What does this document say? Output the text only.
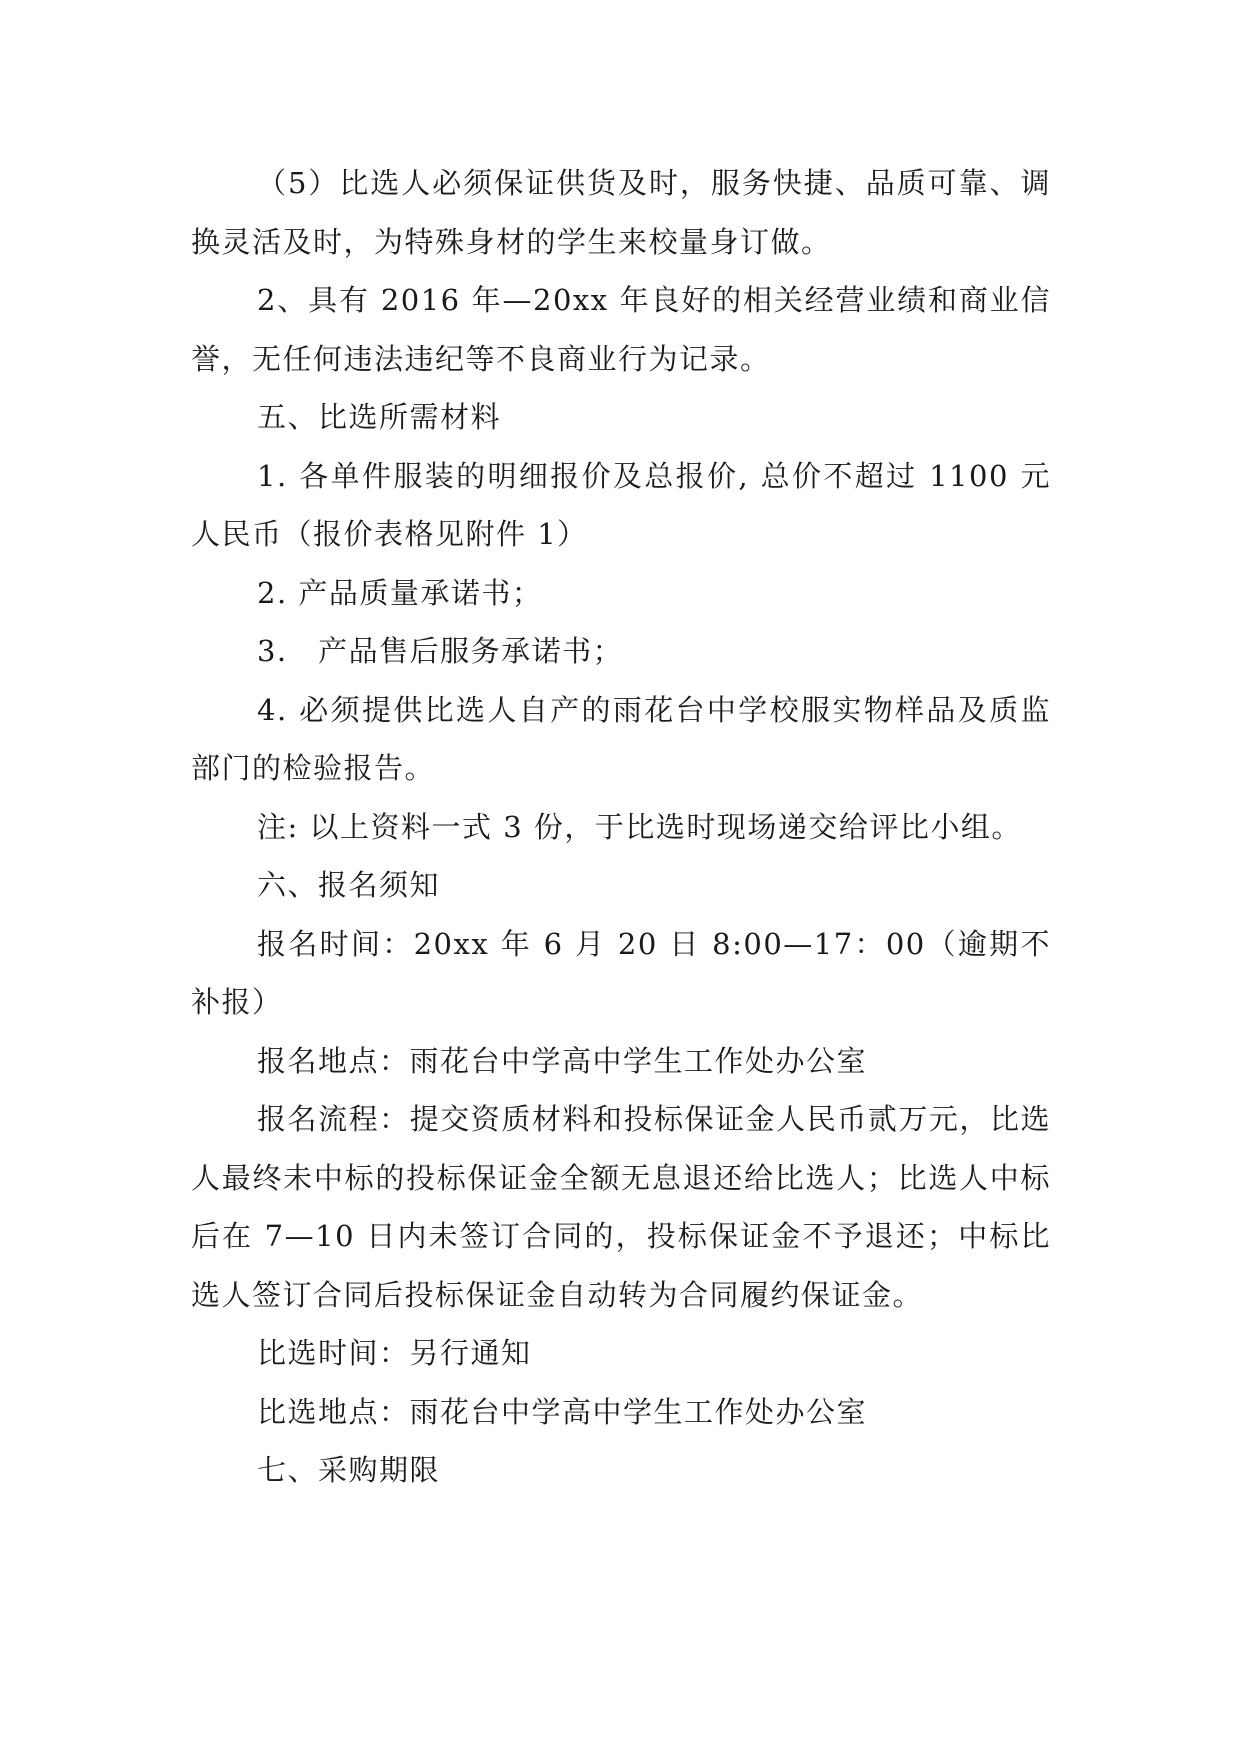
（5）比选人必须保证供货及时，服务快捷、品质可靠、调换灵活及时，为特殊身材的学生来校量身订做。

2、具有 2016 年—20xx 年良好的相关经营业绩和商业信誉，无任何违法违纪等不良商业行为记录。

五、比选所需材料

1. 各单件服装的明细报价及总报价, 总价不超过 1100 元人民币（报价表格见附件 1）

2. 产品质量承诺书；

3． 产品售后服务承诺书；

4. 必须提供比选人自产的雨花台中学校服实物样品及质监部门的检验报告。

注: 以上资料一式 3 份，于比选时现场递交给评比小组。

六、报名须知

报名时间：20xx 年 6 月 20 日 8:00—17：00（逾期不补报）

报名地点：雨花台中学高中学生工作处办公室

报名流程：提交资质材料和投标保证金人民币贰万元，比选人最终未中标的投标保证金全额无息退还给比选人；比选人中标后在 7—10 日内未签订合同的，投标保证金不予退还；中标比选人签订合同后投标保证金自动转为合同履约保证金。

比选时间：另行通知

比选地点：雨花台中学高中学生工作处办公室

七、采购期限
